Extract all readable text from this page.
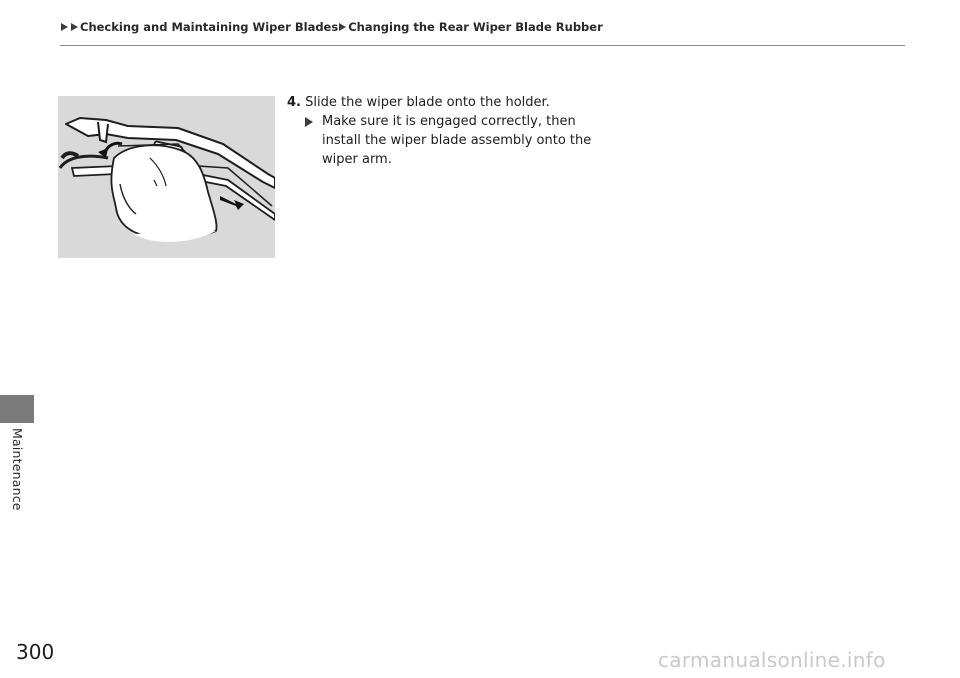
Checking and Maintaining Wiper Blades Changing the Rear Wiper Blade Rubber
4. Slide the wiper blade onto the holder.
Make sure it is engaged correctly, then install the wiper blade assembly onto the wiper arm.
Maintenance
300	carmanualsonline.info
